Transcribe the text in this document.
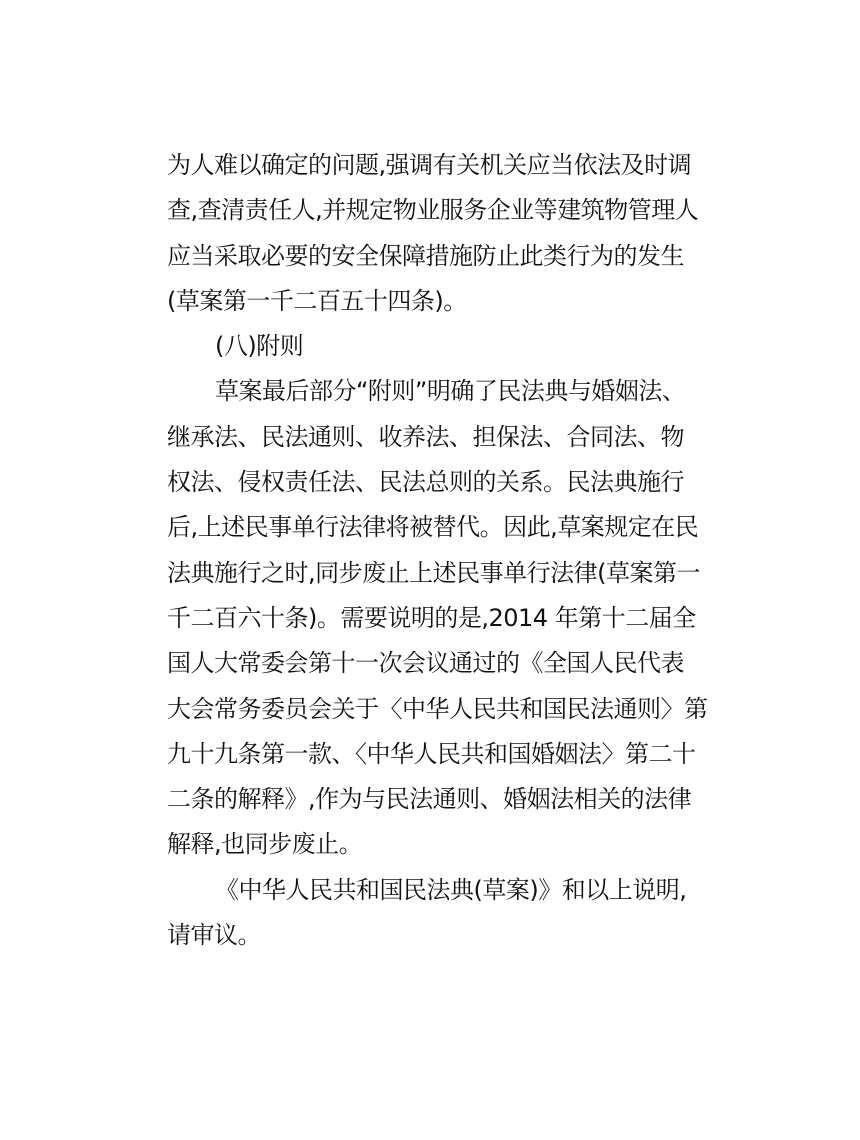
为人难以确定的问题,强调有关机关应当依法及时调
查,查清责任人,并规定物业服务企业等建筑物管理人
应当采取必要的安全保障措施防止此类行为的发生
(草案第一千二百五十四条)。
(八)附则
草案最后部分“附则”明确了民法典与婚姻法、
继承法、民法通则、收养法、担保法、合同法、物
权法、侵权责任法、民法总则的关系。民法典施行
后,上述民事单行法律将被替代。因此,草案规定在民
法典施行之时,同步废止上述民事单行法律(草案第一
千二百六十条)。需要说明的是,2014 年第十二届全
国人大常委会第十一次会议通过的《全国人民代表
大会常务委员会关于〈中华人民共和国民法通则〉第
九十九条第一款、〈中华人民共和国婚姻法〉第二十
二条的解释》,作为与民法通则、婚姻法相关的法律
解释,也同步废止。
《中华人民共和国民法典(草案)》和以上说明,
请审议。
